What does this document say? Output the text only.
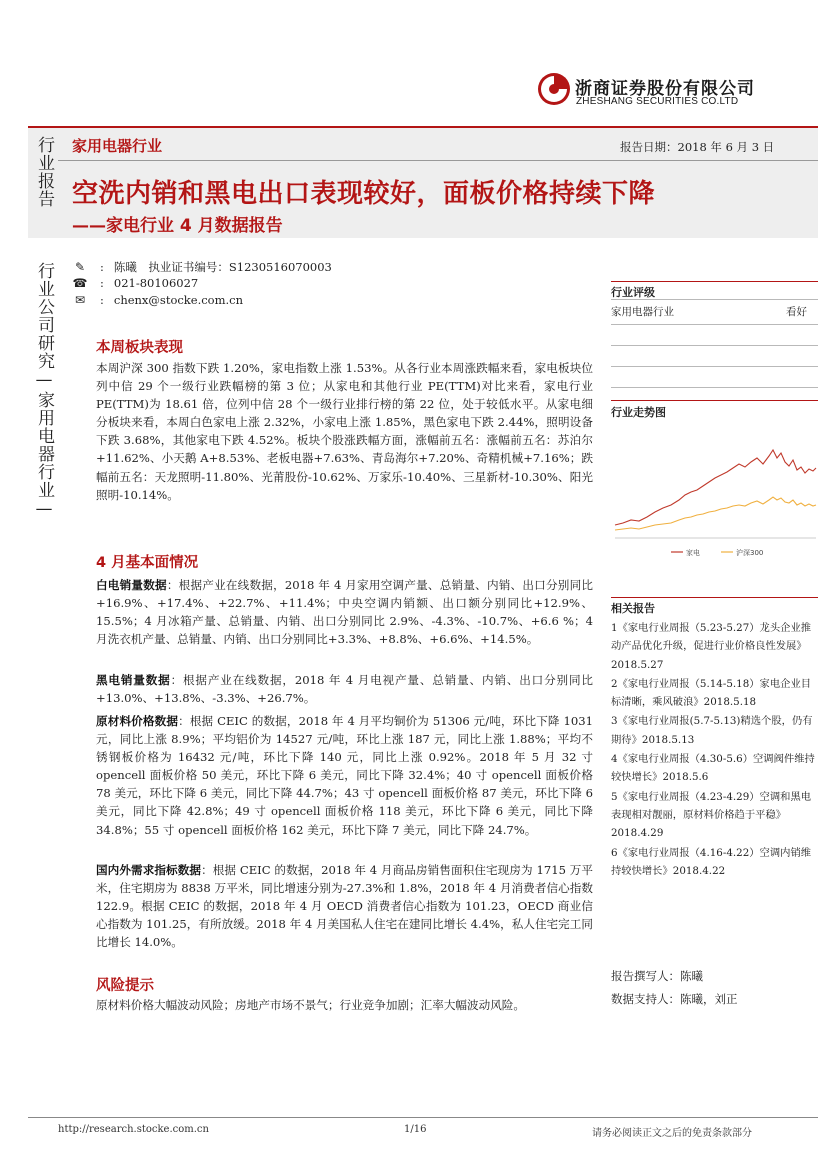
浙商证券股份有限公司
ZHESHANG SECURITIES CO.LTD
行业报告 家用电器行业	报告日期：2018 年 6 月 3 日
空洗内销和黑电出口表现较好，面板价格持续下降
——家电行业 4 月数据报告
行业公司研究—家用电器行业— ✎ : 陈曦　执业证书编号：S1230516070003
☎ : 021-80106027
✉ : chenx@stocke.com.cn
本周板块表现
本周沪深 300 指数下跌 1.20%，家电指数上涨 1.53%。从各行业本周涨跌幅来看，家电板块位列中信 29 个一级行业跌幅榜的第 3 位；从家电和其他行业 PE(TTM)对比来看，家电行业 PE(TTM)为 18.61 倍，位列中信 28 个一级行业排行榜的第 22 位，处于较低水平。从家电细分板块来看，本周白色家电上涨 2.32%，小家电上涨 1.85%，黑色家电下跌 2.44%，照明设备下跌 3.68%，其他家电下跌 4.52%。板块个股涨跌幅方面，涨幅前五名：涨幅前五名：苏泊尔+11.62%、小天鹅 A+8.53%、老板电器+7.63%、青岛海尔+7.20%、奇精机械+7.16%；跌幅前五名：天龙照明-11.80%、光莆股份-10.62%、万家乐-10.40%、三星新材-10.30%、阳光照明-10.14%。
4 月基本面情况
白电销量数据：根据产业在线数据，2018 年 4 月家用空调产量、总销量、内销、出口分别同比+16.9%、+17.4%、+22.7%、+11.4%；中央空调内销额、出口额分别同比+12.9%、15.5%；4 月冰箱产量、总销量、内销、出口分别同比 2.9%、-4.3%、-10.7%、+6.6 %；4 月洗衣机产量、总销量、内销、出口分别同比+3.3%、+8.8%、+6.6%、+14.5%。
黑电销量数据：根据产业在线数据，2018 年 4 月电视产量、总销量、内销、出口分别同比+13.0%、+13.8%、-3.3%、+26.7%。
原材料价格数据：根据 CEIC 的数据，2018 年 4 月平均铜价为 51306 元/吨，环比下降 1031 元，同比上涨 8.9%；平均铝价为 14527 元/吨，环比上涨 187 元，同比上涨 1.88%；平均不锈钢板价格为 16432 元/吨，环比下降 140 元，同比上涨 0.92%。2018 年 5 月 32 寸 opencell 面板价格 50 美元，环比下降 6 美元，同比下降 32.4%；40 寸 opencell 面板价格 78 美元，环比下降 6 美元，同比下降 44.7%；43 寸 opencell 面板价格 87 美元，环比下降 6 美元，同比下降 42.8%；49 寸 opencell 面板价格 118 美元，环比下降 6 美元，同比下降 34.8%；55 寸 opencell 面板价格 162 美元，环比下降 7 美元，同比下降 24.7%。
国内外需求指标数据：根据 CEIC 的数据，2018 年 4 月商品房销售面积住宅现房为 1715 万平米，住宅期房为 8838 万平米，同比增速分别为-27.3%和 1.8%，2018 年 4 月消费者信心指数 122.9。根据 CEIC 的数据，2018 年 4 月 OECD 消费者信心指数为 101.23，OECD 商业信心指数为 101.25，有所放缓。2018 年 4 月美国私人住宅在建同比增长 4.4%，私人住宅完工同比增长 14.0%。
风险提示
原材料价格大幅波动风险；房地产市场不景气；行业竞争加剧；汇率大幅波动风险。
行业评级
家用电器行业	看好
行业走势图
家电	沪深300
相关报告
1《家电行业周报（5.23-5.27）龙头企业推动产品优化升级，促进行业价格良性发展》2018.5.27
2《家电行业周报（5.14-5.18）家电企业目标清晰，乘风破浪》2018.5.18
3《家电行业周报(5.7-5.13)精选个股，仍有期待》2018.5.13
4《家电行业周报（4.30-5.6）空调阀件维持较快增长》2018.5.6
5《家电行业周报（4.23-4.29）空调和黑电表现相对靓丽，原材料价格趋于平稳》2018.4.29
6《家电行业周报（4.16-4.22）空调内销维持较快增长》2018.4.22
报告撰写人：陈曦
数据支持人：陈曦，刘正
http://research.stocke.com.cn	1/16	请务必阅读正文之后的免责条款部分
